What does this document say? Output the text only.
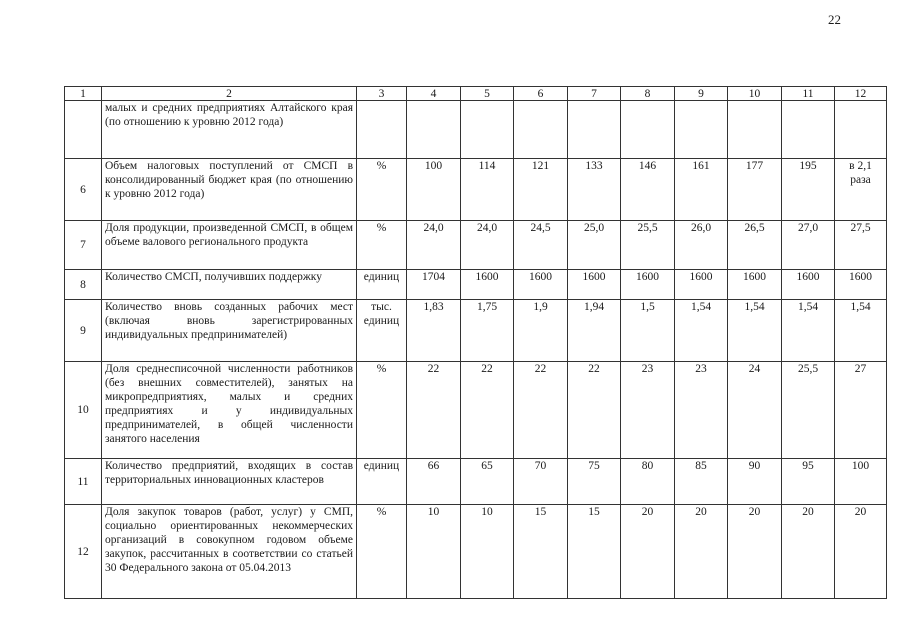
22
1	2	3	4	5	6	7	8	9	10	11	12
	малых и средних предприятиях Алтайского края (по отношению к уровню 2012 года)										
6	Объем налоговых поступлений от СМСП в консолидированный бюджет края (по отношению к уровню 2012 года)	%	100	114	121	133	146	161	177	195	в 2,1 раза
7	Доля продукции, произведенной СМСП, в общем объеме валового регионального продукта	%	24,0	24,0	24,5	25,0	25,5	26,0	26,5	27,0	27,5
8	Количество СМСП, получивших поддержку	единиц	1704	1600	1600	1600	1600	1600	1600	1600	1600
9	Количество вновь созданных рабочих мест (включая вновь зарегистрированных индивидуальных предпринимателей)	тыс. единиц	1,83	1,75	1,9	1,94	1,5	1,54	1,54	1,54	1,54
10	Доля среднесписочной численности работников (без внешних совместителей), занятых на микропредприятиях, малых и средних предприятиях и у индивидуальных предпринимателей, в общей численности занятого населения	%	22	22	22	22	23	23	24	25,5	27
11	Количество предприятий, входящих в состав территориальных инновационных кластеров	единиц	66	65	70	75	80	85	90	95	100
12	Доля закупок товаров (работ, услуг) у СМП, социально ориентированных некоммерческих организаций в совокупном годовом объеме закупок, рассчитанных в соответствии со статьей 30 Федерального закона от 05.04.2013	%	10	10	15	15	20	20	20	20	20
